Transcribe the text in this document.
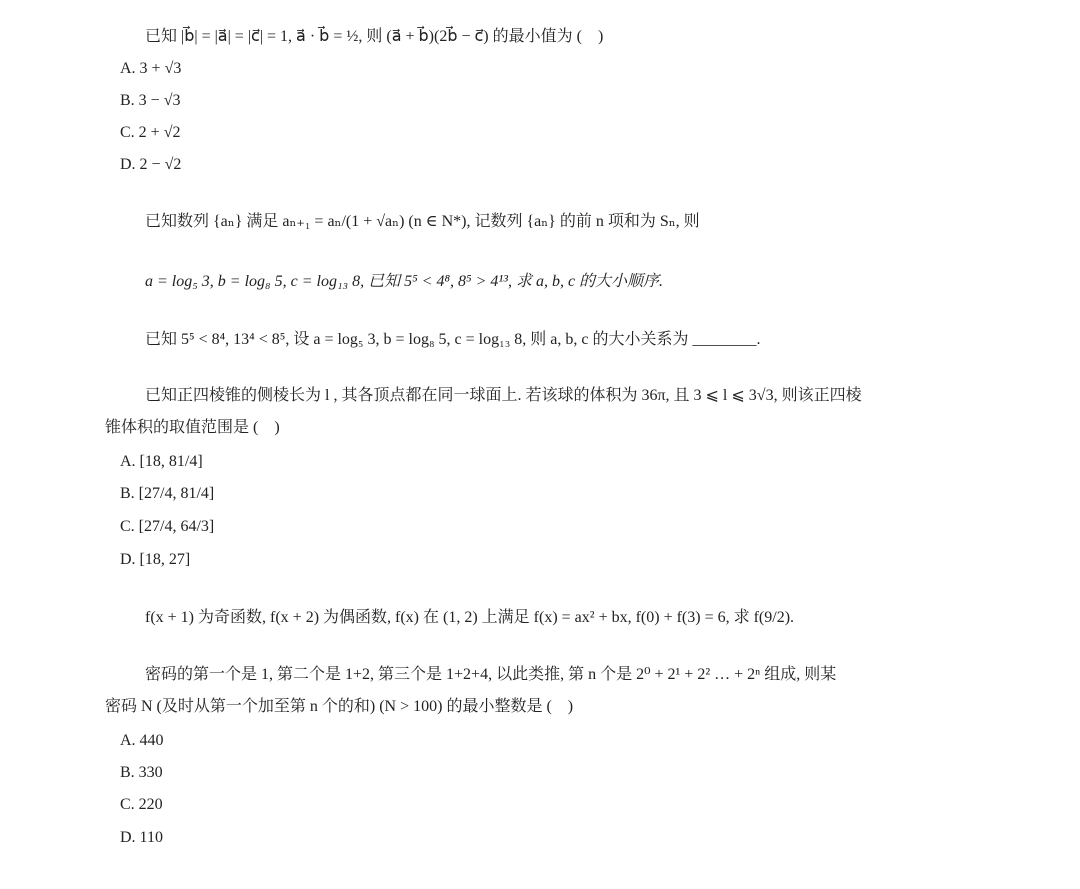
已知 |b⃗| = |a⃗| = |c⃗| = 1, a⃗ · b⃗ = ½, 则 (a⃗ + b⃗)(2b⃗ − c⃗) 的最小值为 (　)
A. 3 + √3
B. 3 − √3
C. 2 + √2
D. 2 − √2
已知数列 {aₙ} 满足 aₙ₊₁ = aₙ/(1 + √aₙ) (n ∈ N*), 记数列 {aₙ} 的前 n 项和为 Sₙ, 则
a = log₅ 3, b = log₈ 5, c = log₁₃ 8, 已知 5⁵ < 4⁸, 8⁵ > 4¹³, 求 a, b, c 的大小顺序.
已知 5⁵ < 8⁴, 13⁴ < 8⁵, 设 a = log₅ 3, b = log₈ 5, c = log₁₃ 8, 则 a, b, c 的大小关系为 ________.
已知正四棱锥的侧棱长为 l , 其各顶点都在同一球面上. 若该球的体积为 36π, 且 3 ⩽ l ⩽ 3√3, 则该正四棱
锥体积的取值范围是 (　)
A. [18, 81/4]
B. [27/4, 81/4]
C. [27/4, 64/3]
D. [18, 27]
f(x + 1) 为奇函数, f(x + 2) 为偶函数, f(x) 在 (1, 2) 上满足 f(x) = ax² + bx, f(0) + f(3) = 6, 求 f(9/2).
密码的第一个是 1, 第二个是 1+2, 第三个是 1+2+4, 以此类推, 第 n 个是 2⁰ + 2¹ + 2² … + 2ⁿ 组成, 则某
密码 N (及时从第一个加至第 n 个的和) (N > 100) 的最小整数是 (　)
A. 440
B. 330
C. 220
D. 110
